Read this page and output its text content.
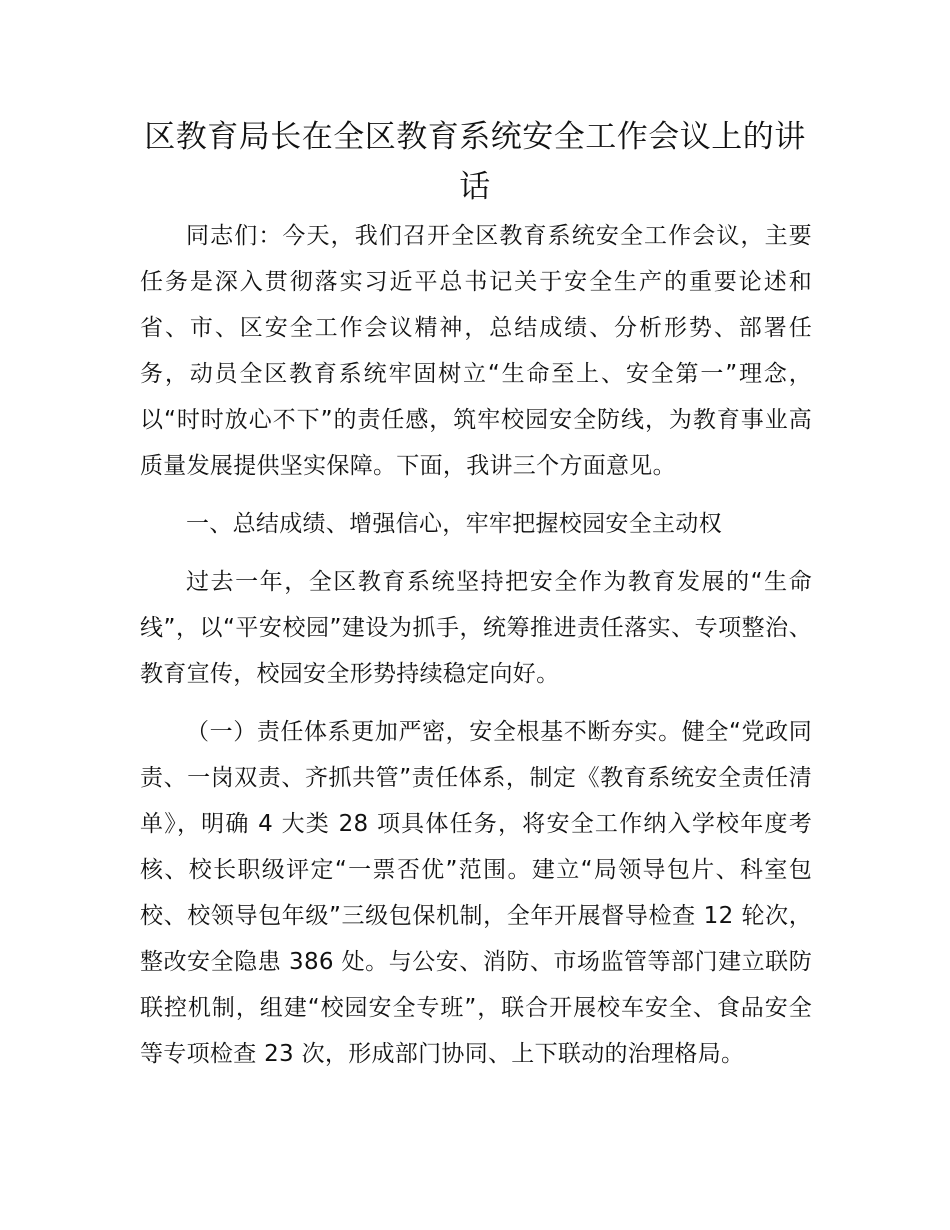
区教育局长在全区教育系统安全工作会议上的讲话

同志们：今天，我们召开全区教育系统安全工作会议，主要任务是深入贯彻落实习近平总书记关于安全生产的重要论述和省、市、区安全工作会议精神，总结成绩、分析形势、部署任务，动员全区教育系统牢固树立“生命至上、安全第一”理念，以“时时放心不下”的责任感，筑牢校园安全防线，为教育事业高质量发展提供坚实保障。下面，我讲三个方面意见。

一、总结成绩、增强信心，牢牢把握校园安全主动权

过去一年，全区教育系统坚持把安全作为教育发展的“生命线”，以“平安校园”建设为抓手，统筹推进责任落实、专项整治、教育宣传，校园安全形势持续稳定向好。

（一）责任体系更加严密，安全根基不断夯实。健全“党政同责、一岗双责、齐抓共管”责任体系，制定《教育系统安全责任清单》，明确 4 大类 28 项具体任务，将安全工作纳入学校年度考核、校长职级评定“一票否优”范围。建立“局领导包片、科室包校、校领导包年级”三级包保机制，全年开展督导检查 12 轮次，整改安全隐患 386 处。与公安、消防、市场监管等部门建立联防联控机制，组建“校园安全专班”，联合开展校车安全、食品安全等专项检查 23 次，形成部门协同、上下联动的治理格局。
